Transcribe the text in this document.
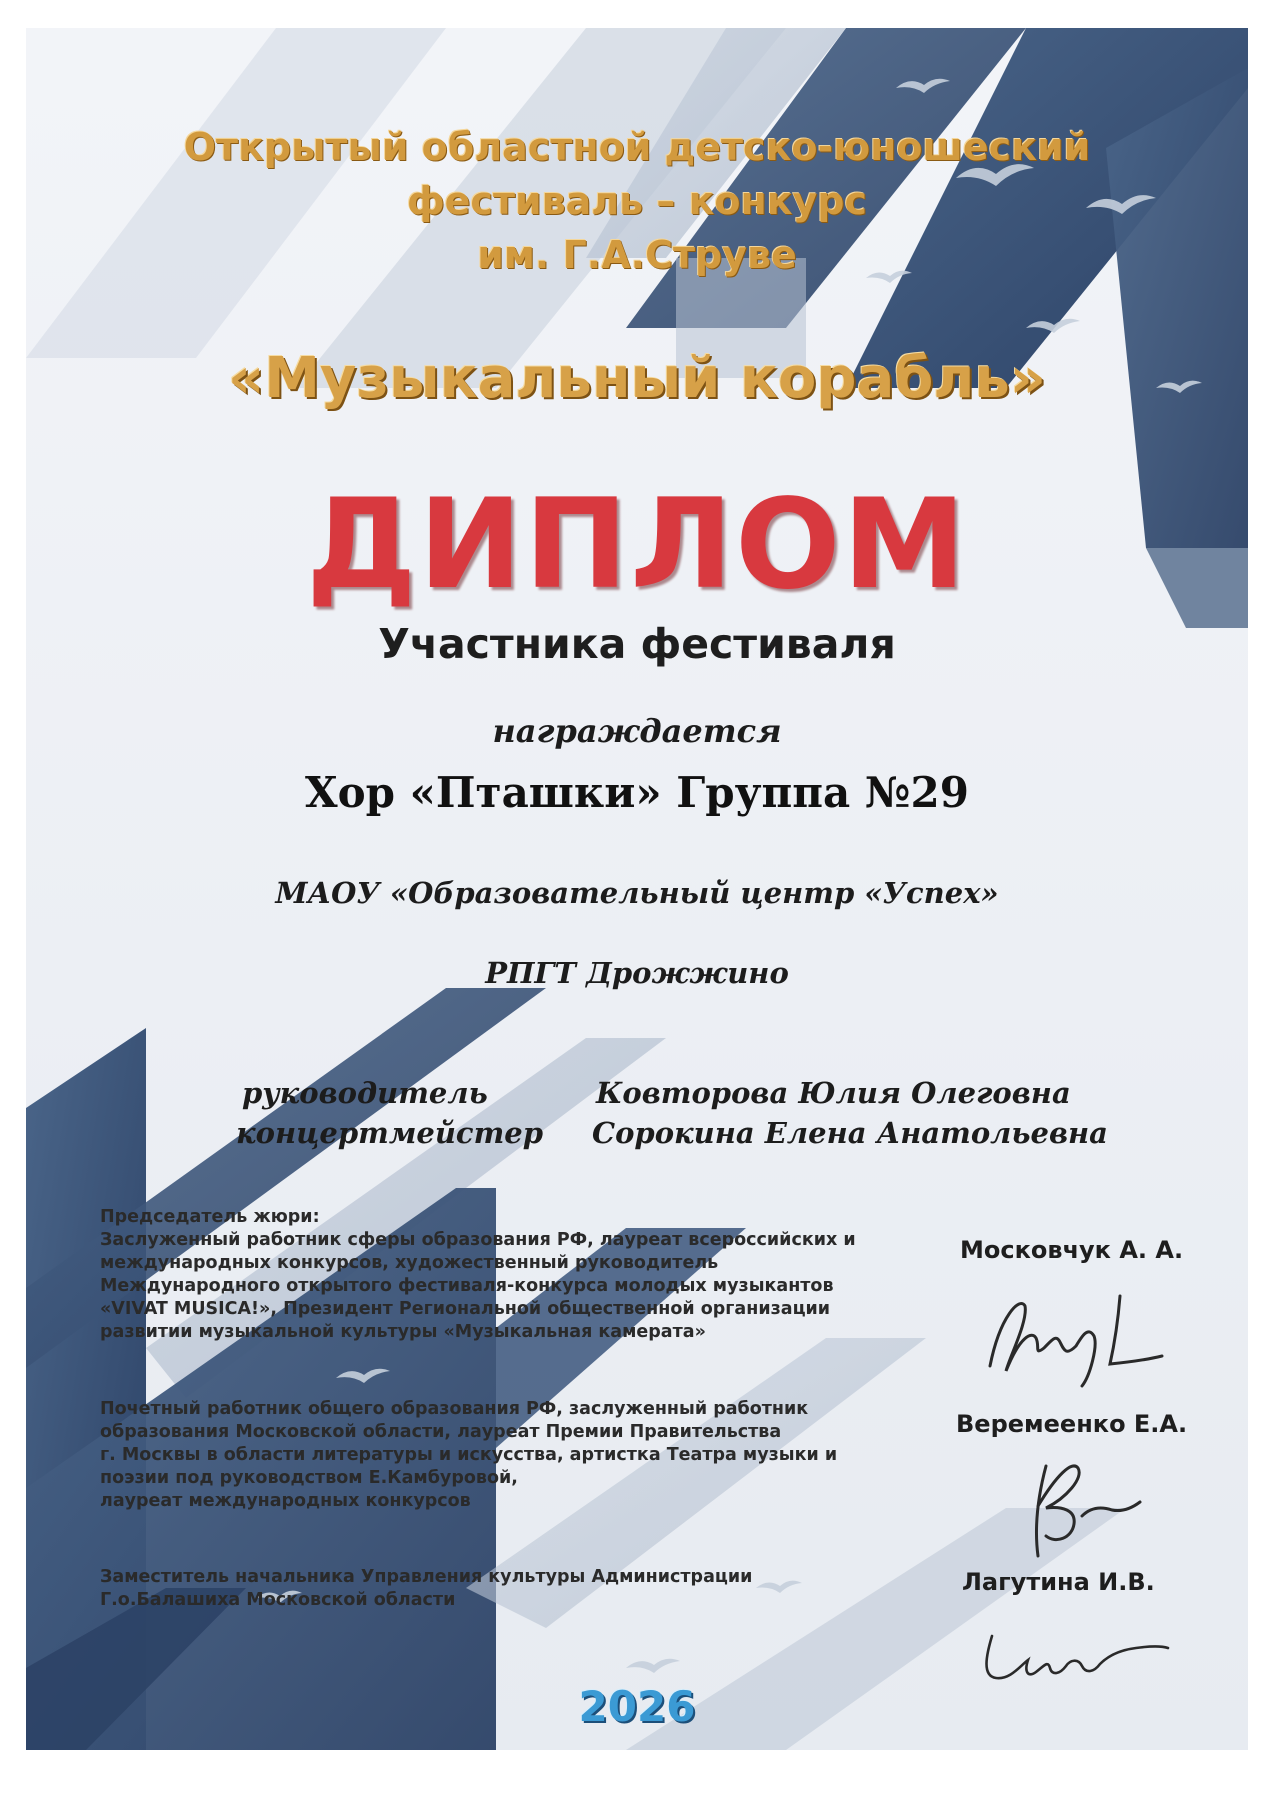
Открытый областной детско-юношеский

фестиваль – конкурс

им. Г.А.Струве

«Музыкальный корабль»

ДИПЛОМ

Участника фестиваля

награждается

Хор «Пташки» Группа №29

МАОУ «Образовательный центр «Успех»

РПГТ Дрожжино

руководитель	Ковторова Юлия Олеговна

концертмейстер Сорокина Елена Анатольевна

Председатель жюри:
Заслуженный работник сферы образования РФ, лауреат всероссийских и
международных конкурсов, художественный руководитель
Международного открытого фестиваля-конкурса молодых музыкантов
«VIVAT MUSICA!», Президент Региональной общественной организации
развитии музыкальной культуры «Музыкальная камерата»
Почетный работник общего образования РФ, заслуженный работник
образования Московской области, лауреат Премии Правительства
г. Москвы в области литературы и искусства, артистка Театра музыки и
поэзии под руководством Е.Камбуровой,
лауреат международных конкурсов
Заместитель начальника Управления культуры Администрации
Г.о.Балашиха Московской области

Московчук А. А.

Веремеенко Е.А.

Лагутина И.В.

2026
